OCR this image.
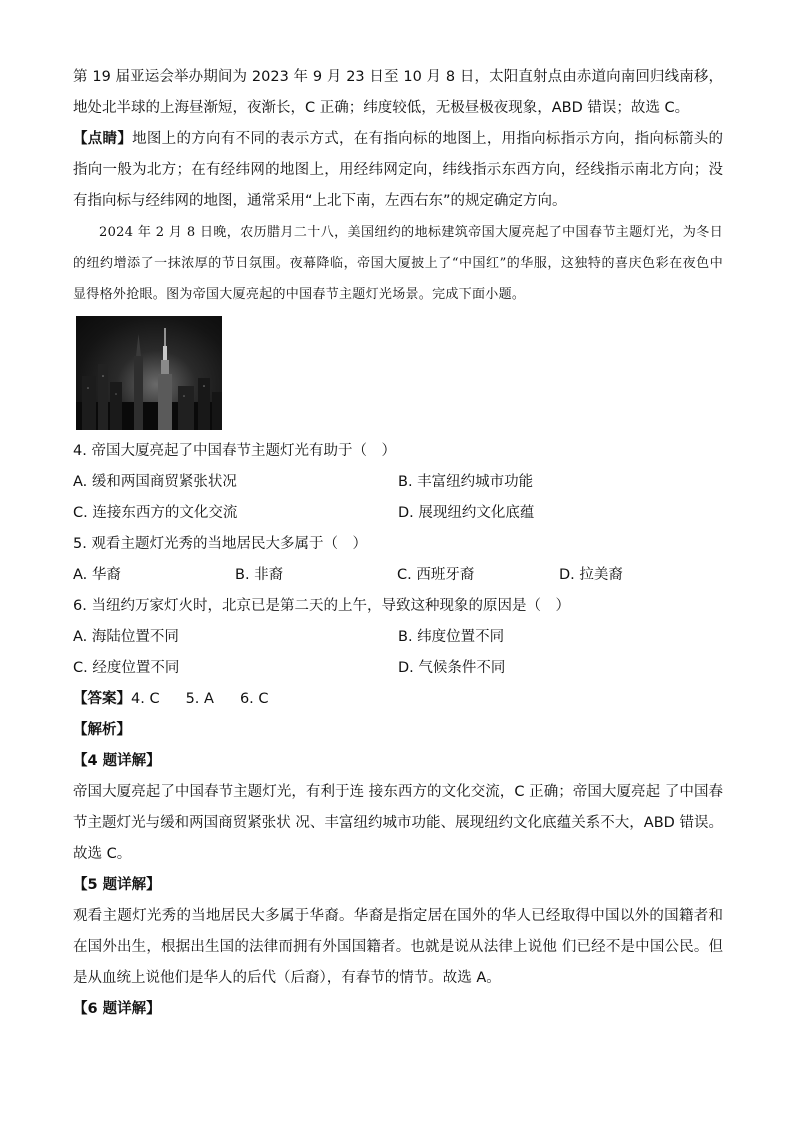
第 19 届亚运会举办期间为 2023 年 9 月 23 日至 10 月 8 日，太阳直射点由赤道向南回归线南移，地处北半球的上海昼渐短，夜渐长，C 正确；纬度较低，无极昼极夜现象，ABD 错误；故选 C。

【点睛】地图上的方向有不同的表示方式，在有指向标的地图上，用指向标指示方向，指向标箭头的指向一般为北方；在有经纬网的地图上，用经纬网定向，纬线指示东西方向，经线指示南北方向；没有指向标与经纬网的地图，通常采用“上北下南，左西右东”的规定确定方向。

2024 年 2 月 8 日晚，农历腊月二十八，美国纽约的地标建筑帝国大厦亮起了中国春节主题灯光，为冬日的纽约增添了一抹浓厚的节日氛围。夜幕降临，帝国大厦披上了“中国红”的华服，这独特的喜庆色彩在夜色中显得格外抢眼。图为帝国大厦亮起的中国春节主题灯光场景。完成下面小题。

4. 帝国大厦亮起了中国春节主题灯光有助于（　）

A. 缓和两国商贸紧张状况	B. 丰富纽约城市功能
C. 连接东西方的文化交流	D. 展现纽约文化底蕴

5. 观看主题灯光秀的当地居民大多属于（　）

A. 华裔	B. 非裔	C. 西班牙裔	D. 拉美裔

6. 当纽约万家灯火时，北京已是第二天的上午，导致这种现象的原因是（　）

A. 海陆位置不同	B. 纬度位置不同
C. 经度位置不同	D. 气候条件不同

【答案】4. C 5. A 6. C

【解析】

【4 题详解】

帝国大厦亮起了中国春节主题灯光，有利于连 接东西方的文化交流，C 正确；帝国大厦亮起 了中国春节主题灯光与缓和两国商贸紧张状 况、丰富纽约城市功能、展现纽约文化底蕴关系不大，ABD 错误。故选 C。

【5 题详解】

观看主题灯光秀的当地居民大多属于华裔。华裔是指定居在国外的华人已经取得中国以外的国籍者和在国外出生，根据出生国的法律而拥有外国国籍者。也就是说从法律上说他 们已经不是中国公民。但是从血统上说他们是华人的后代（后裔），有春节的情节。故选 A。

【6 题详解】
